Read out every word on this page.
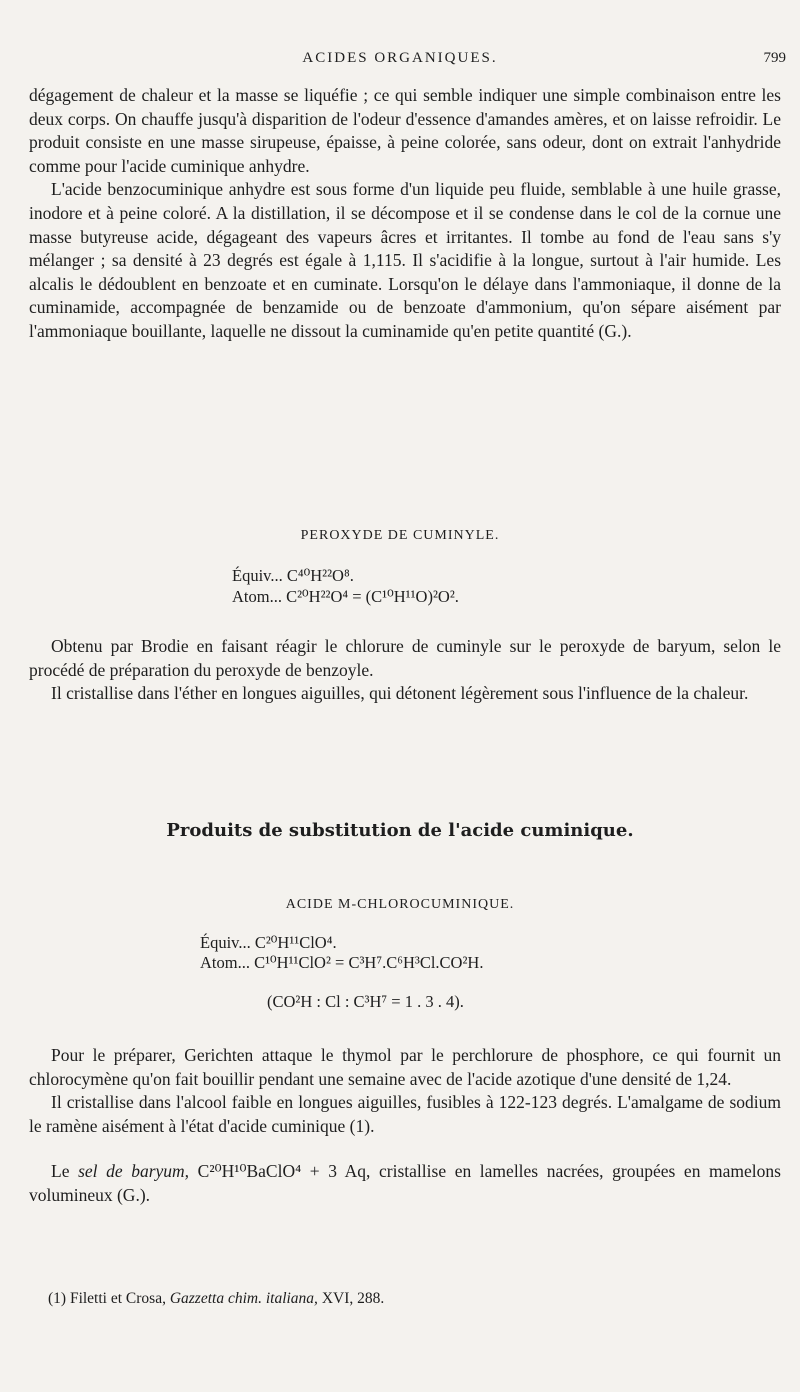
ACIDES ORGANIQUES.	799

dégagement de chaleur et la masse se liquéfie ; ce qui semble indiquer une simple combinaison entre les deux corps. On chauffe jusqu'à disparition de l'odeur d'essence d'amandes amères, et on laisse refroidir. Le produit consiste en une masse sirupeuse, épaisse, à peine colorée, sans odeur, dont on extrait l'anhydride comme pour l'acide cuminique anhydre.

L'acide benzocuminique anhydre est sous forme d'un liquide peu fluide, semblable à une huile grasse, inodore et à peine coloré. A la distillation, il se décompose et il se condense dans le col de la cornue une masse butyreuse acide, dégageant des vapeurs âcres et irritantes. Il tombe au fond de l'eau sans s'y mélanger ; sa densité à 23 degrés est égale à 1,115. Il s'acidifie à la longue, surtout à l'air humide. Les alcalis le dédoublent en benzoate et en cuminate. Lorsqu'on le délaye dans l'ammoniaque, il donne de la cuminamide, accompagnée de benzamide ou de benzoate d'ammonium, qu'on sépare aisément par l'ammoniaque bouillante, laquelle ne dissout la cuminamide qu'en petite quantité (G.).

PEROXYDE DE CUMINYLE.
Équiv... C⁴⁰H²²O⁸.
Atom... C²⁰H²²O⁴ = (C¹⁰H¹¹O)²O².

Obtenu par Brodie en faisant réagir le chlorure de cuminyle sur le peroxyde de baryum, selon le procédé de préparation du peroxyde de benzoyle.

Il cristallise dans l'éther en longues aiguilles, qui détonent légèrement sous l'influence de la chaleur.

Produits de substitution de l'acide cuminique.
ACIDE M-CHLOROCUMINIQUE.
Équiv... C²⁰H¹¹ClO⁴.
Atom... C¹⁰H¹¹ClO² = C³H⁷.C⁶H³Cl.CO²H.
(CO²H : Cl : C³H⁷ = 1 . 3 . 4).

Pour le préparer, Gerichten attaque le thymol par le perchlorure de phosphore, ce qui fournit un chlorocymène qu'on fait bouillir pendant une semaine avec de l'acide azotique d'une densité de 1,24.

Il cristallise dans l'alcool faible en longues aiguilles, fusibles à 122-123 degrés. L'amalgame de sodium le ramène aisément à l'état d'acide cuminique (1).

Le sel de baryum, C²⁰H¹⁰BaClO⁴ + 3 Aq, cristallise en lamelles nacrées, groupées en mamelons volumineux (G.).

(1) Filetti et Crosa, Gazzetta chim. italiana, XVI, 288.
